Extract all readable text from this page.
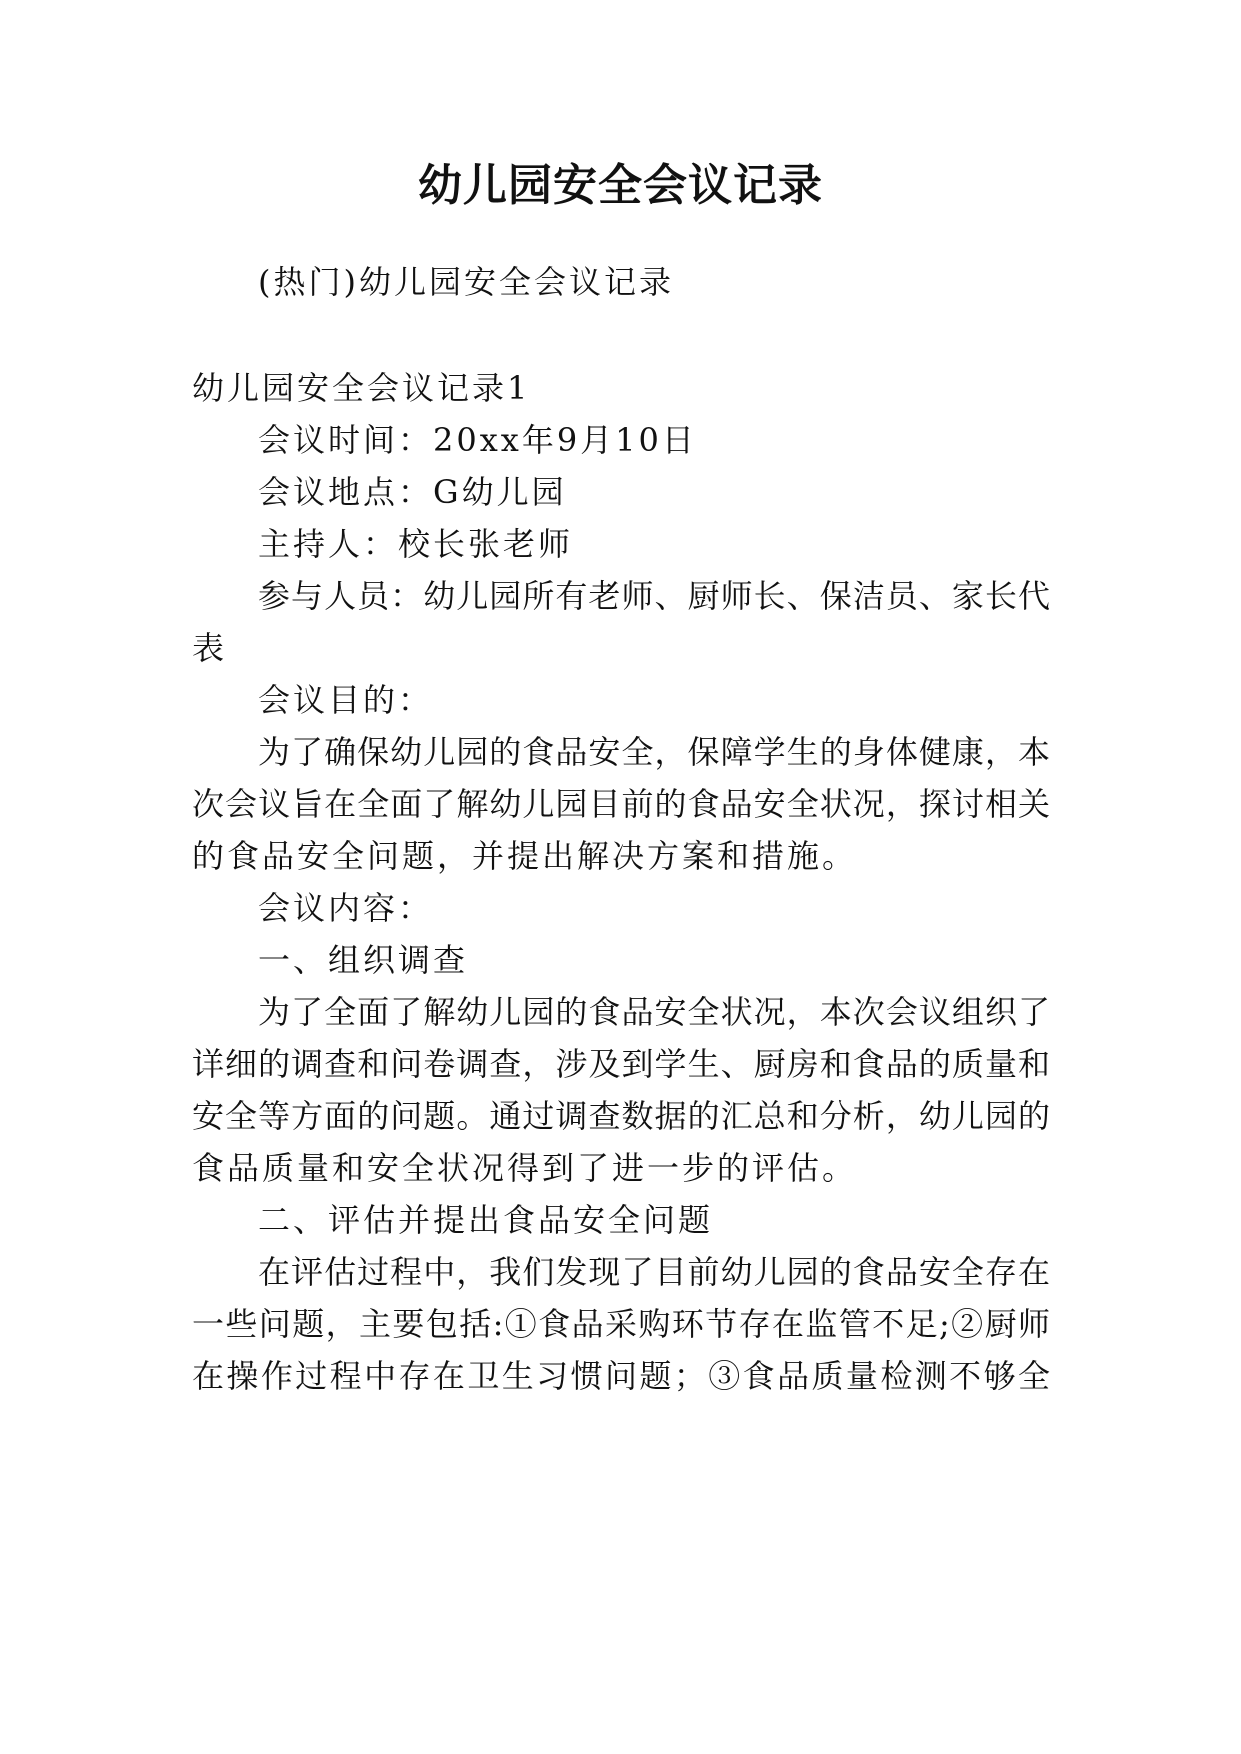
幼儿园安全会议记录
(热门)幼儿园安全会议记录
幼儿园安全会议记录1
会议时间：20xx年9月10日
会议地点：G幼儿园
主持人：校长张老师
参与人员：幼儿园所有老师、厨师长、保洁员、家长代
表
会议目的：
为了确保幼儿园的食品安全，保障学生的身体健康，本
次会议旨在全面了解幼儿园目前的食品安全状况，探讨相关
的食品安全问题，并提出解决方案和措施。
会议内容：
一、组织调查
为了全面了解幼儿园的食品安全状况，本次会议组织了
详细的调查和问卷调查，涉及到学生、厨房和食品的质量和
安全等方面的问题。通过调查数据的汇总和分析，幼儿园的
食品质量和安全状况得到了进一步的评估。
二、评估并提出食品安全问题
在评估过程中，我们发现了目前幼儿园的食品安全存在
一些问题，主要包括:①食品采购环节存在监管不足;②厨师
在操作过程中存在卫生习惯问题；③食品质量检测不够全
